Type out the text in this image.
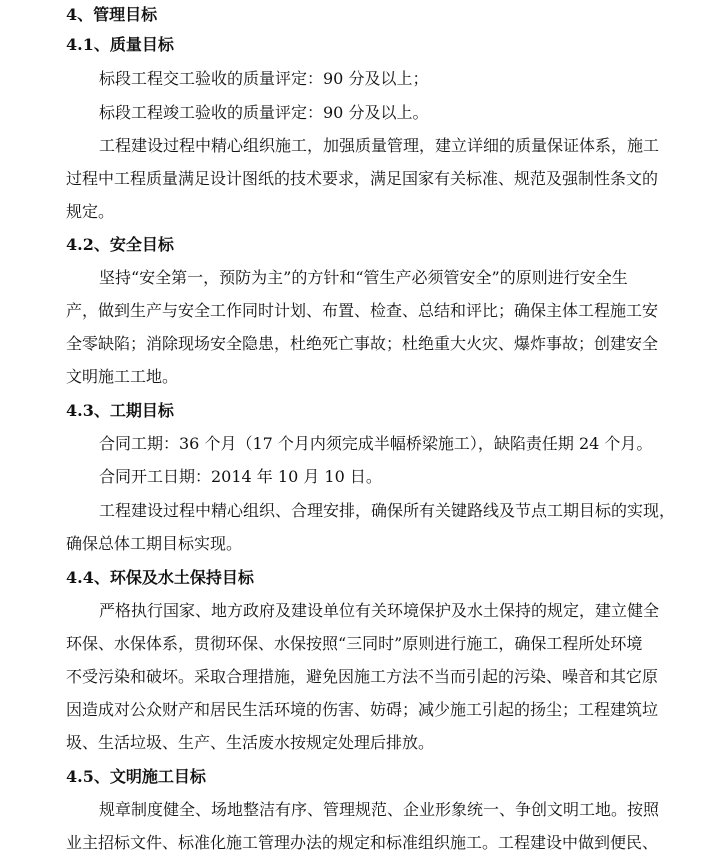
4、管理目标
4.1、质量目标
标段工程交工验收的质量评定：90 分及以上；
标段工程竣工验收的质量评定：90 分及以上。
工程建设过程中精心组织施工，加强质量管理，建立详细的质量保证体系，施工
过程中工程质量满足设计图纸的技术要求，满足国家有关标准、规范及强制性条文的
规定。
4.2、安全目标
坚持“安全第一，预防为主”的方针和“管生产必须管安全”的原则进行安全生
产，做到生产与安全工作同时计划、布置、检查、总结和评比；确保主体工程施工安
全零缺陷；消除现场安全隐患，杜绝死亡事故；杜绝重大火灾、爆炸事故；创建安全
文明施工工地。
4.3、工期目标
合同工期：36 个月（17 个月内须完成半幅桥梁施工），缺陷责任期 24 个月。
合同开工日期：2014 年 10 月 10 日。
工程建设过程中精心组织、合理安排，确保所有关键路线及节点工期目标的实现，
确保总体工期目标实现。
4.4、环保及水土保持目标
严格执行国家、地方政府及建设单位有关环境保护及水土保持的规定，建立健全
环保、水保体系，贯彻环保、水保按照“三同时”原则进行施工，确保工程所处环境
不受污染和破坏。采取合理措施，避免因施工方法不当而引起的污染、噪音和其它原
因造成对公众财产和居民生活环境的伤害、妨碍；减少施工引起的扬尘；工程建筑垃
圾、生活垃圾、生产、生活废水按规定处理后排放。
4.5、文明施工目标
规章制度健全、场地整洁有序、管理规范、企业形象统一、争创文明工地。按照
业主招标文件、标准化施工管理办法的规定和标准组织施工。工程建设中做到便民、
